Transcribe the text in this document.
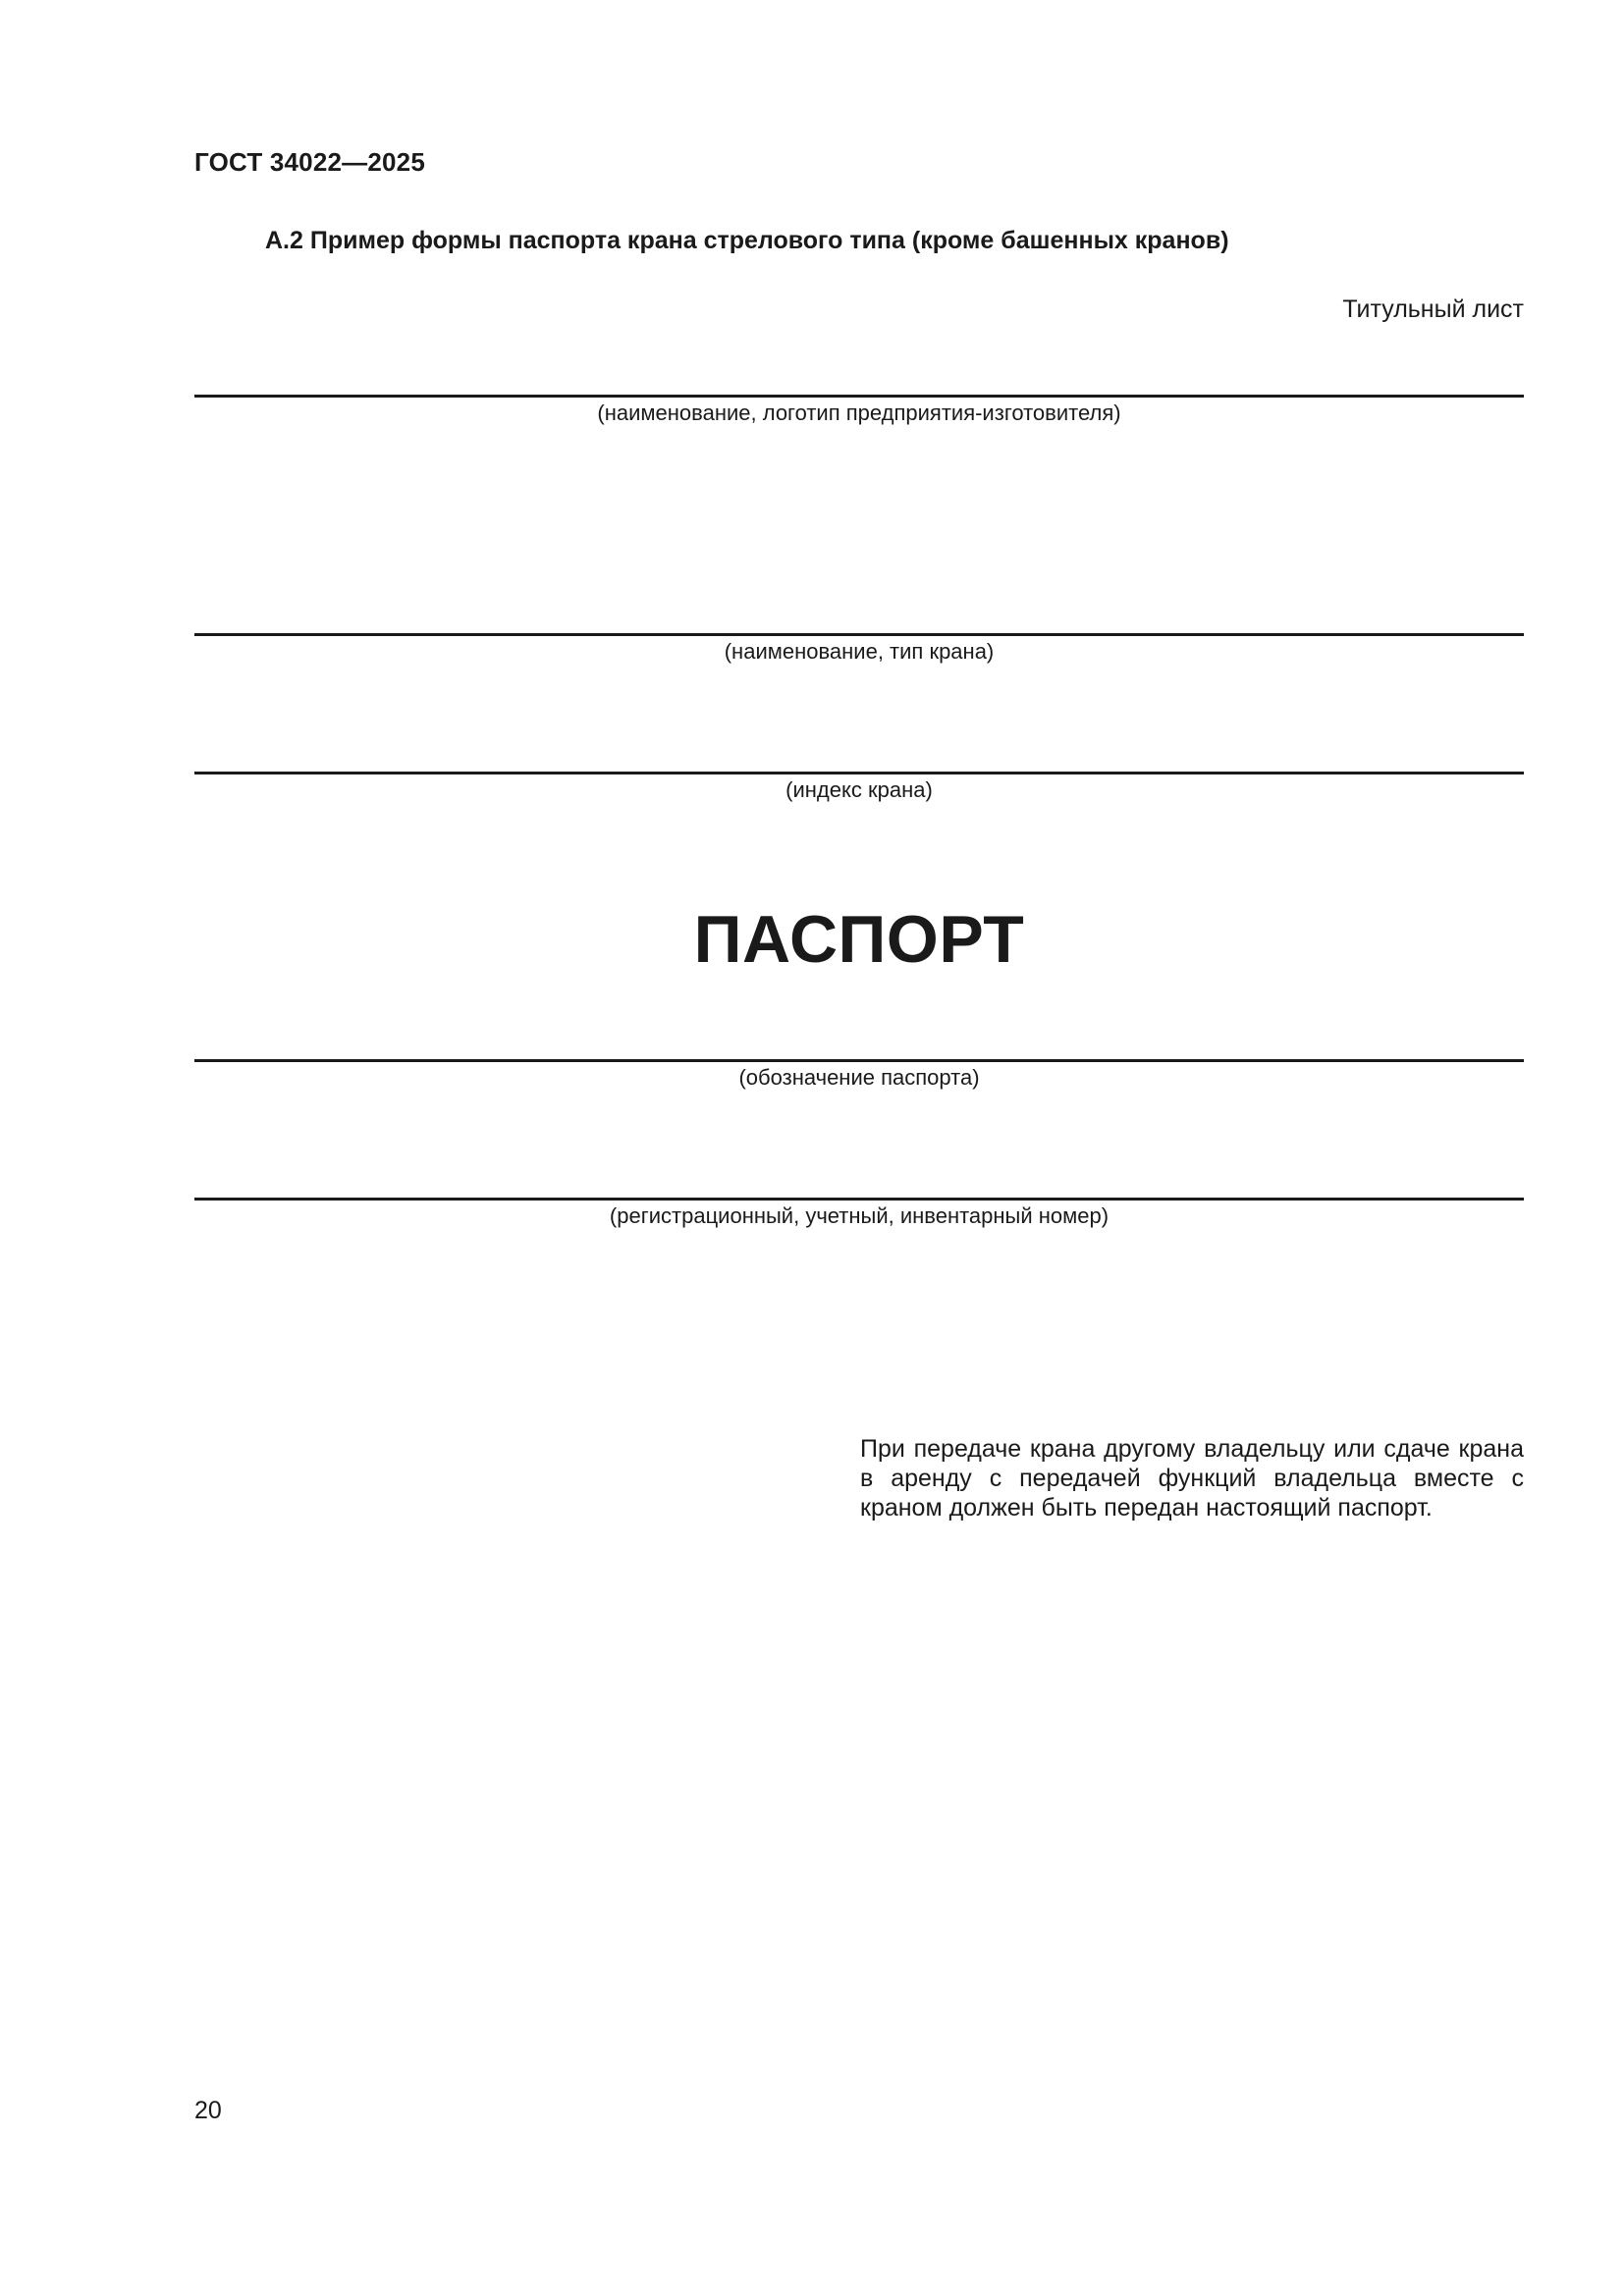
ГОСТ 34022—2025
А.2 Пример формы паспорта крана стрелового типа (кроме башенных кранов)
Титульный лист
(наименование, логотип предприятия-изготовителя)
(наименование, тип крана)
(индекс крана)
ПАСПОРТ
(обозначение паспорта)
(регистрационный, учетный, инвентарный номер)
При передаче крана другому владельцу или сдаче крана в аренду с передачей функций владельца вместе с краном должен быть передан настоящий паспорт.
20
